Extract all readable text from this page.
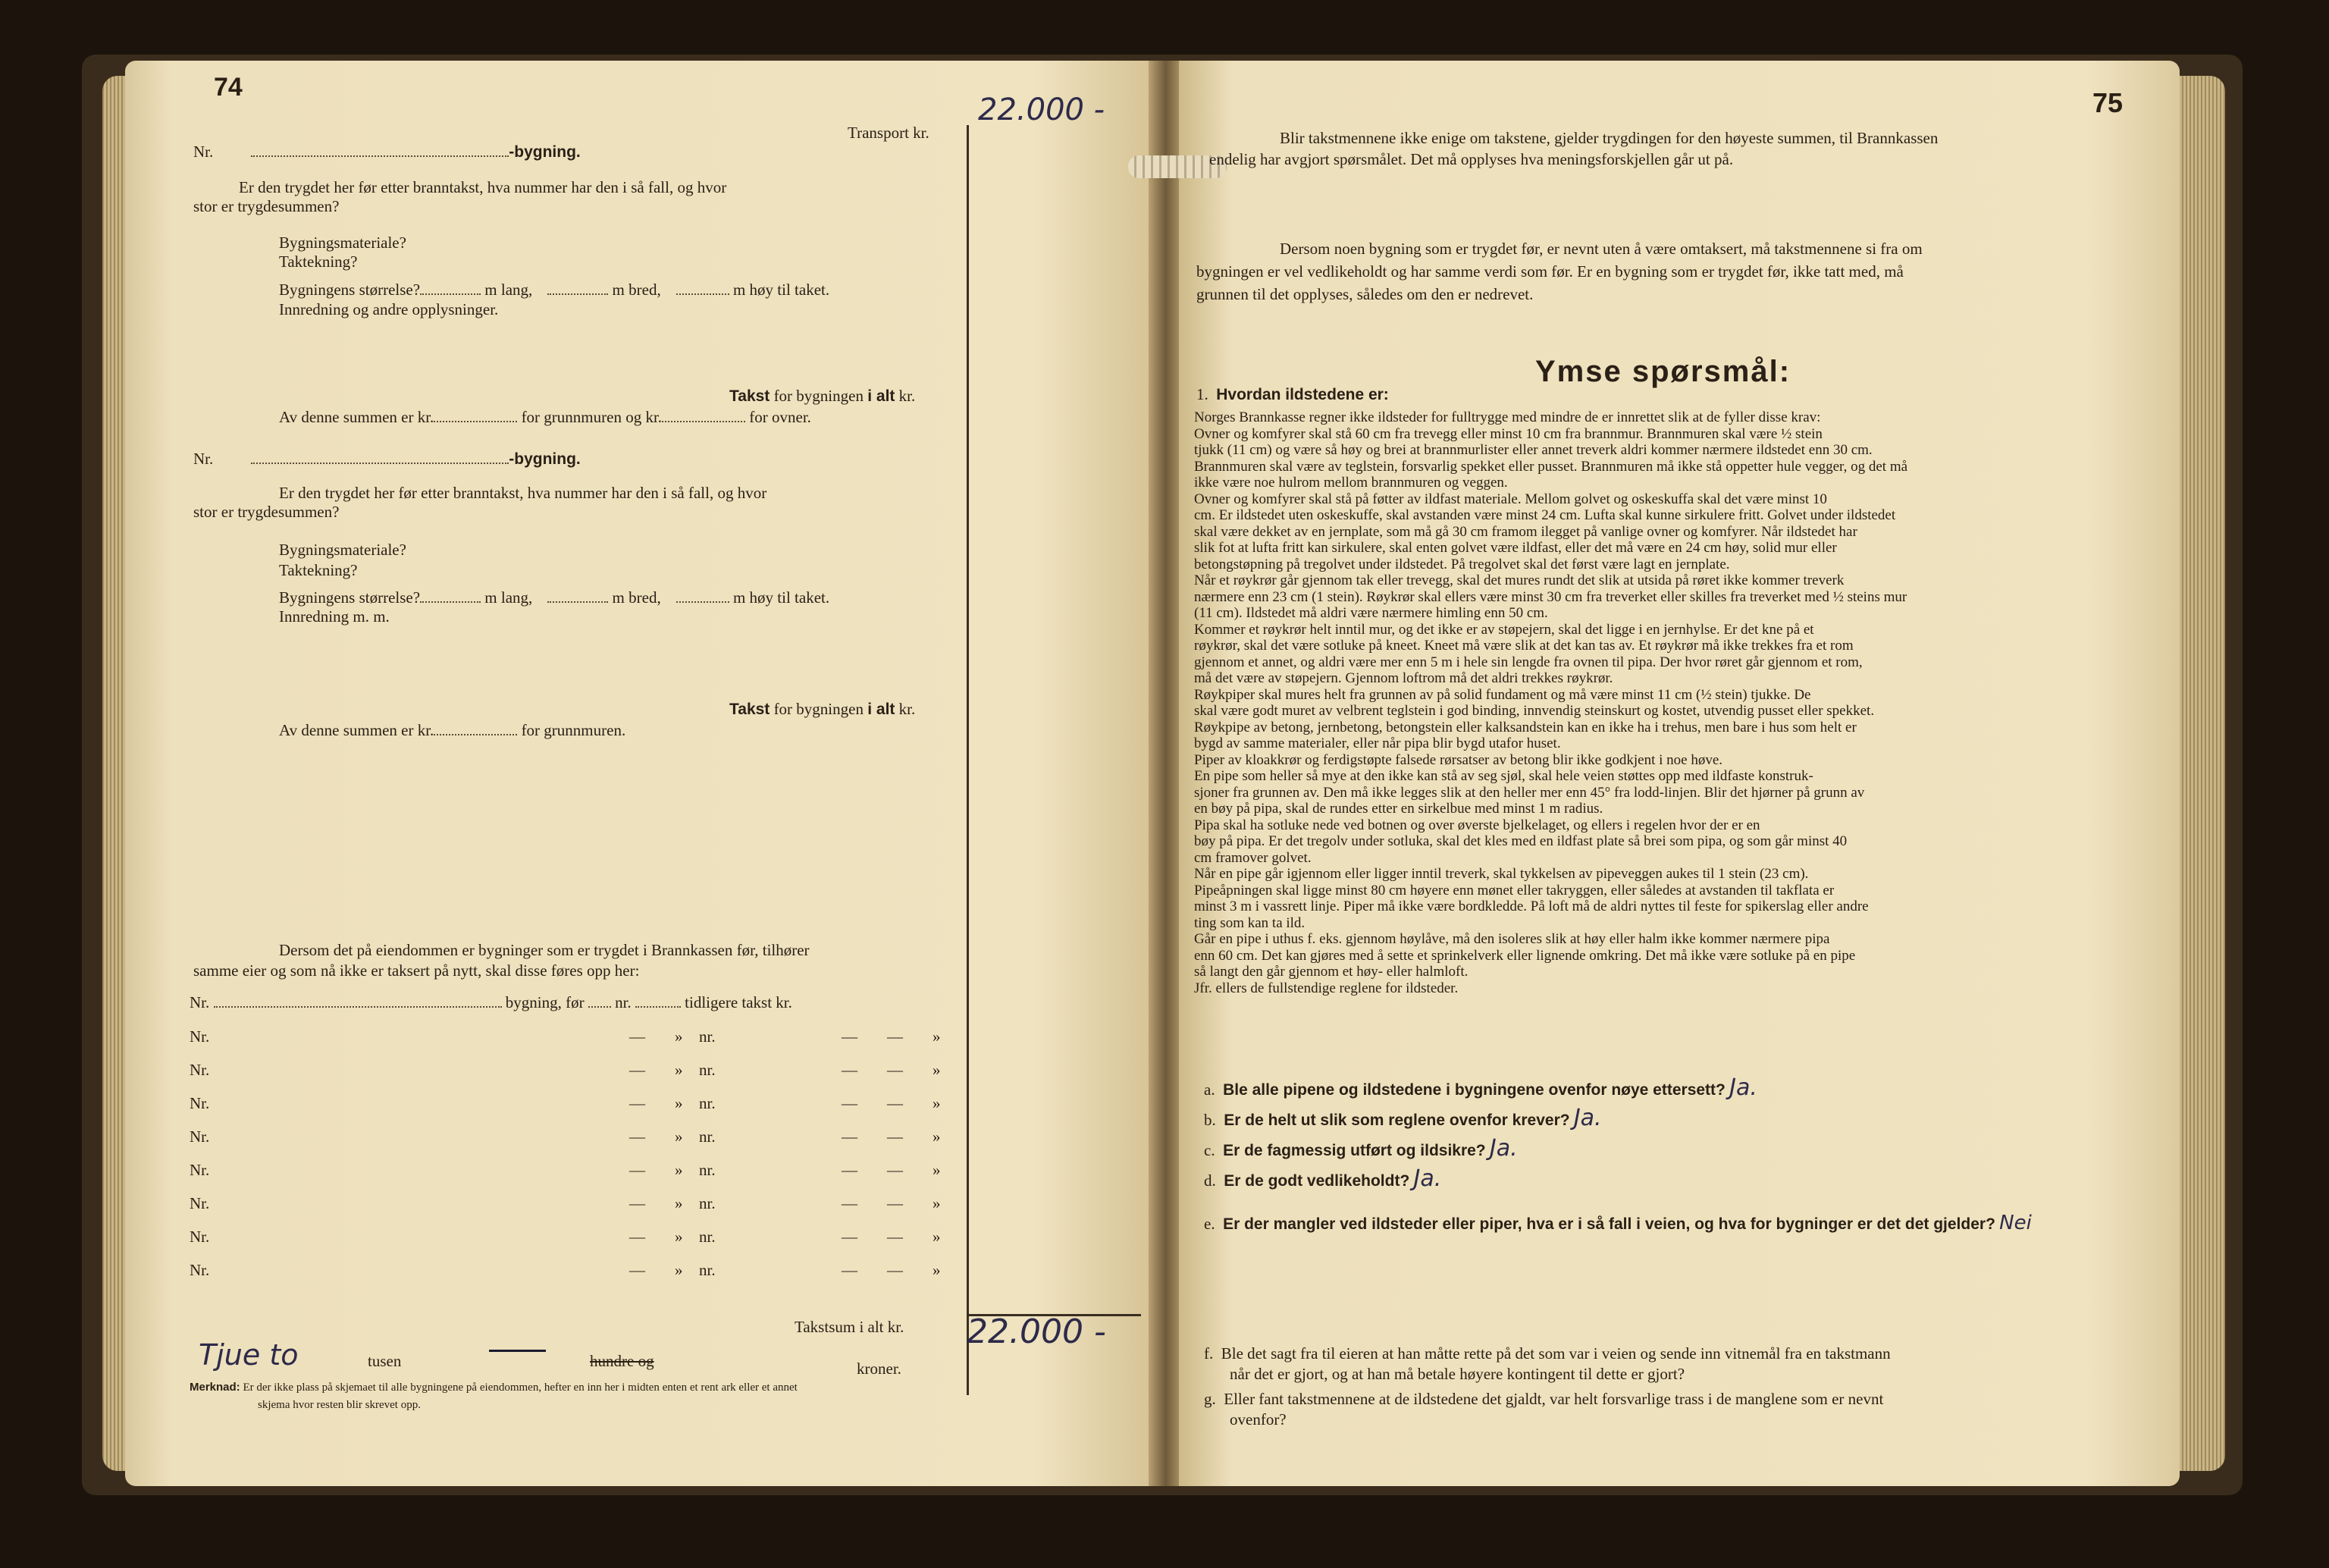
74
Transport kr.
22.000 -
Nr.	-bygning.
Er den trygdet her før etter branntakst, hva nummer har den i så fall, og hvor
stor er trygdesummen?
Bygningsmateriale?
Taktekning?
Bygningens størrelse?	m lang,	m bred,	m høy til taket.
Innredning og andre opplysninger.
Takst for bygningen i alt kr.
Av denne summen er kr.	for grunnmuren og kr.	for ovner.
Nr.	-bygning.
Er den trygdet her før etter branntakst, hva nummer har den i så fall, og hvor
stor er trygdesummen?
Bygningsmateriale?
Taktekning?
Bygningens størrelse?	m lang,	m bred,	m høy til taket.
Innredning m. m.
Takst for bygningen i alt kr.
Av denne summen er kr.	for grunnmuren.
Dersom det på eiendommen er bygninger som er trygdet i Brannkassen før, tilhører
samme eier og som nå ikke er taksert på nytt, skal disse føres opp her:
Nr.	bygning, før nr.	tidligere takst kr.
Nr.	— » nr.	— — »
Nr.	— » nr.	— — »
Nr.	— » nr.	— — »
Nr.	— » nr.	— — »
Nr.	— » nr.	— — »
Nr.	— » nr.	— — »
Nr.	— » nr.	— — »
Nr.	— » nr.	— — »
Takstsum i alt kr. 22.000 -
Tjue to	tusen	hundre og	kroner.
Merknad: Er der ikke plass på skjemaet til alle bygningene på eiendommen, hefter en inn her i midten enten et rent ark eller et annet
skjema hvor resten blir skrevet opp.
75
Blir takstmennene ikke enige om takstene, gjelder trygdingen for den høyeste summen, til Brannkassen
endelig har avgjort spørsmålet. Det må opplyses hva meningsforskjellen går ut på.
Dersom noen bygning som er trygdet før, er nevnt uten å være omtaksert, må takstmennene si fra om
bygningen er vel vedlikeholdt og har samme verdi som før. Er en bygning som er trygdet før, ikke tatt med, må
grunnen til det opplyses, således om den er nedrevet.
Ymse spørsmål:
1. Hvordan ildstedene er:
Norges Brannkasse regner ikke ildsteder for fulltrygge med mindre de er innrettet slik at de fyller disse krav:
Ovner og komfyrer skal stå 60 cm fra trevegg eller minst 10 cm fra brannmur. Brannmuren skal være ½ stein
tjukk (11 cm) og være så høy og brei at brannmurlister eller annet treverk aldri kommer nærmere ildstedet enn 30 cm.
Brannmuren skal være av teglstein, forsvarlig spekket eller pusset. Brannmuren må ikke stå oppetter hule vegger, og det må
ikke være noe hulrom mellom brannmuren og veggen.
Ovner og komfyrer skal stå på føtter av ildfast materiale. Mellom golvet og oskeskuffa skal det være minst 10
cm. Er ildstedet uten oskeskuffe, skal avstanden være minst 24 cm. Lufta skal kunne sirkulere fritt. Golvet under ildstedet
skal være dekket av en jernplate, som må gå 30 cm framom ilegget på vanlige ovner og komfyrer. Når ildstedet har
slik fot at lufta fritt kan sirkulere, skal enten golvet være ildfast, eller det må være en 24 cm høy, solid mur eller
betongstøpning på tregolvet under ildstedet. På tregolvet skal det først være lagt en jernplate.
Når et røykrør går gjennom tak eller trevegg, skal det mures rundt det slik at utsida på røret ikke kommer treverk
nærmere enn 23 cm (1 stein). Røykrør skal ellers være minst 30 cm fra treverket eller skilles fra treverket med ½ steins mur
(11 cm). Ildstedet må aldri være nærmere himling enn 50 cm.
Kommer et røykrør helt inntil mur, og det ikke er av støpejern, skal det ligge i en jernhylse. Er det kne på et
røykrør, skal det være sotluke på kneet. Kneet må være slik at det kan tas av. Et røykrør må ikke trekkes fra et rom
gjennom et annet, og aldri være mer enn 5 m i hele sin lengde fra ovnen til pipa. Der hvor røret går gjennom et rom,
må det være av støpejern. Gjennom loftrom må det aldri trekkes røykrør.
Røykpiper skal mures helt fra grunnen av på solid fundament og må være minst 11 cm (½ stein) tjukke. De
skal være godt muret av velbrent teglstein i god binding, innvendig steinskurt og kostet, utvendig pusset eller spekket.
Røykpipe av betong, jernbetong, betongstein eller kalksandstein kan en ikke ha i trehus, men bare i hus som helt er
bygd av samme materialer, eller når pipa blir bygd utafor huset.
Piper av kloakkrør og ferdigstøpte falsede rørsatser av betong blir ikke godkjent i noe høve.
En pipe som heller så mye at den ikke kan stå av seg sjøl, skal hele veien støttes opp med ildfaste konstruk-
sjoner fra grunnen av. Den må ikke legges slik at den heller mer enn 45° fra lodd-linjen. Blir det hjørner på grunn av
en bøy på pipa, skal de rundes etter en sirkelbue med minst 1 m radius.
Pipa skal ha sotluke nede ved botnen og over øverste bjelkelaget, og ellers i regelen hvor der er en
bøy på pipa. Er det tregolv under sotluka, skal det kles med en ildfast plate så brei som pipa, og som går minst 40
cm framover golvet.
Når en pipe går igjennom eller ligger inntil treverk, skal tykkelsen av pipeveggen aukes til 1 stein (23 cm).
Pipeåpningen skal ligge minst 80 cm høyere enn mønet eller takryggen, eller således at avstanden til takflata er
minst 3 m i vassrett linje. Piper må ikke være bordkledde. På loft må de aldri nyttes til feste for spikerslag eller andre
ting som kan ta ild.
Går en pipe i uthus f. eks. gjennom høylåve, må den isoleres slik at høy eller halm ikke kommer nærmere pipa
enn 60 cm. Det kan gjøres med å sette et sprinkelverk eller lignende omkring. Det må ikke være sotluke på en pipe
så langt den går gjennom et høy- eller halmloft.
Jfr. ellers de fullstendige reglene for ildsteder.
a. Ble alle pipene og ildstedene i bygningene ovenfor nøye ettersett? Ja.
b. Er de helt ut slik som reglene ovenfor krever? Ja.
c. Er de fagmessig utført og ildsikre? Ja.
d. Er de godt vedlikeholdt? Ja.
e. Er der mangler ved ildsteder eller piper, hva er i så fall i veien, og hva for bygninger er det det gjelder? Nei
f. Ble det sagt fra til eieren at han måtte rette på det som var i veien og sende inn vitnemål fra en takstmann
når det er gjort, og at han må betale høyere kontingent til dette er gjort?
g. Eller fant takstmennene at de ildstedene det gjaldt, var helt forsvarlige trass i de manglene som er nevnt
ovenfor?
